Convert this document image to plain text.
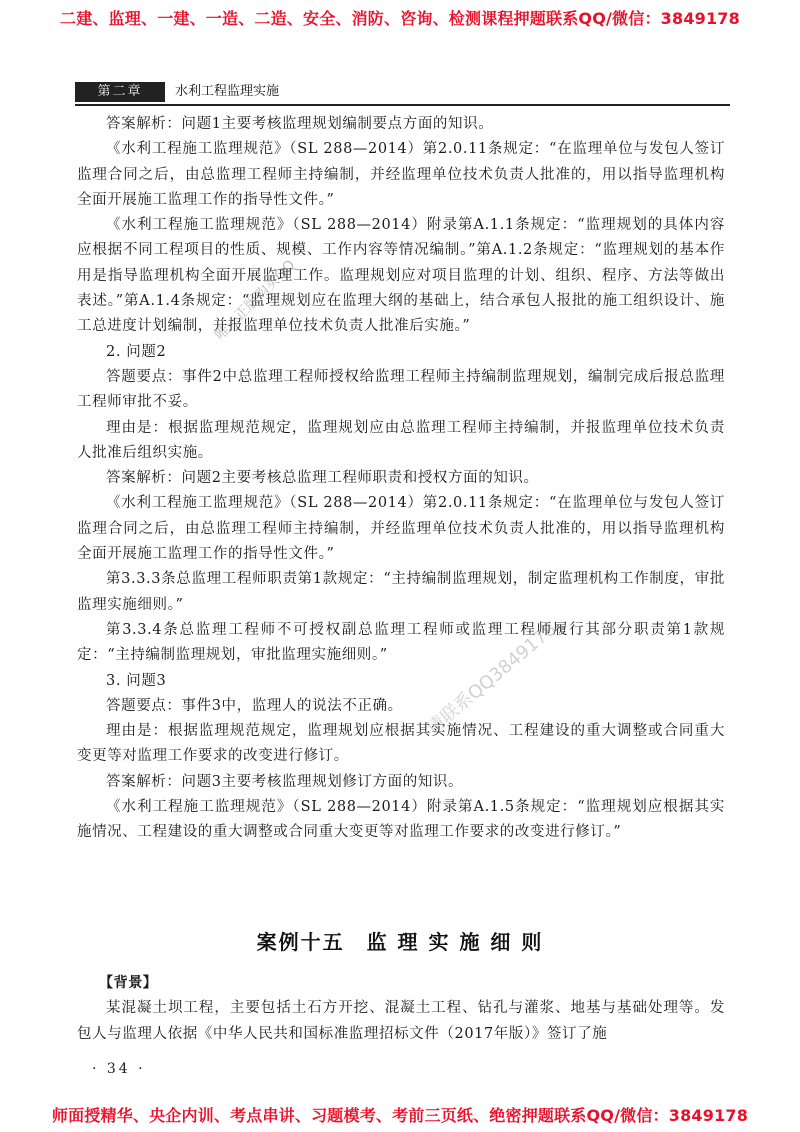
二建、监理、一建、一造、二造、安全、消防、咨询、检测课程押题联系QQ/微信：3849178
第二章	水利工程监理实施

答案解析：问题1主要考核监理规划编制要点方面的知识。

《水利工程施工监理规范》（SL 288—2014）第2.0.11条规定：“在监理单位与发包人签订监理合同之后，由总监理工程师主持编制，并经监理单位技术负责人批准的，用以指导监理机构全面开展施工监理工作的指导性文件。”

《水利工程施工监理规范》（SL 288—2014）附录第A.1.1条规定：“监理规划的具体内容应根据不同工程项目的性质、规模、工作内容等情况编制。”第A.1.2条规定：“监理规划的基本作用是指导监理机构全面开展监理工作。监理规划应对项目监理的计划、组织、程序、方法等做出表述。”第A.1.4条规定：“监理规划应在监理大纲的基础上，结合承包人报批的施工组织设计、施工总进度计划编制，并报监理单位技术负责人批准后实施。”

2. 问题2

答题要点：事件2中总监理工程师授权给监理工程师主持编制监理规划，编制完成后报总监理工程师审批不妥。

理由是：根据监理规范规定，监理规划应由总监理工程师主持编制，并报监理单位技术负责人批准后组织实施。

答案解析：问题2主要考核总监理工程师职责和授权方面的知识。

《水利工程施工监理规范》（SL 288—2014）第2.0.11条规定：“在监理单位与发包人签订监理合同之后，由总监理工程师主持编制，并经监理单位技术负责人批准的，用以指导监理机构全面开展施工监理工作的指导性文件。”

第3.3.3条总监理工程师职责第1款规定：“主持编制监理规划，制定监理机构工作制度，审批监理实施细则。”

第3.3.4条总监理工程师不可授权副总监理工程师或监理工程师履行其部分职责第1款规定：“主持编制监理规划，审批监理实施细则。”

3. 问题3

答题要点：事件3中，监理人的说法不正确。

理由是：根据监理规范规定，监理规划应根据其实施情况、工程建设的重大调整或合同重大变更等对监理工作要求的改变进行修订。

答案解析：问题3主要考核监理规划修订方面的知识。

《水利工程施工监理规范》（SL 288—2014）附录第A.1.5条规定：“监理规划应根据其实施情况、工程建设的重大调整或合同重大变更等对监理工作要求的改变进行修订。”

案例十五　监 理 实 施 细 则
【背景】

某混凝土坝工程，主要包括土石方开挖、混凝土工程、钻孔与灌浆、地基与基础处理等。发包人与监理人依据《中华人民共和国标准监理招标文件（2017年版）》签订了施

· 34 ·
唯一正版购买QQ
请联系QQ3849178
师面授精华、央企内训、考点串讲、习题模考、考前三页纸、绝密押题联系QQ/微信：3849178
